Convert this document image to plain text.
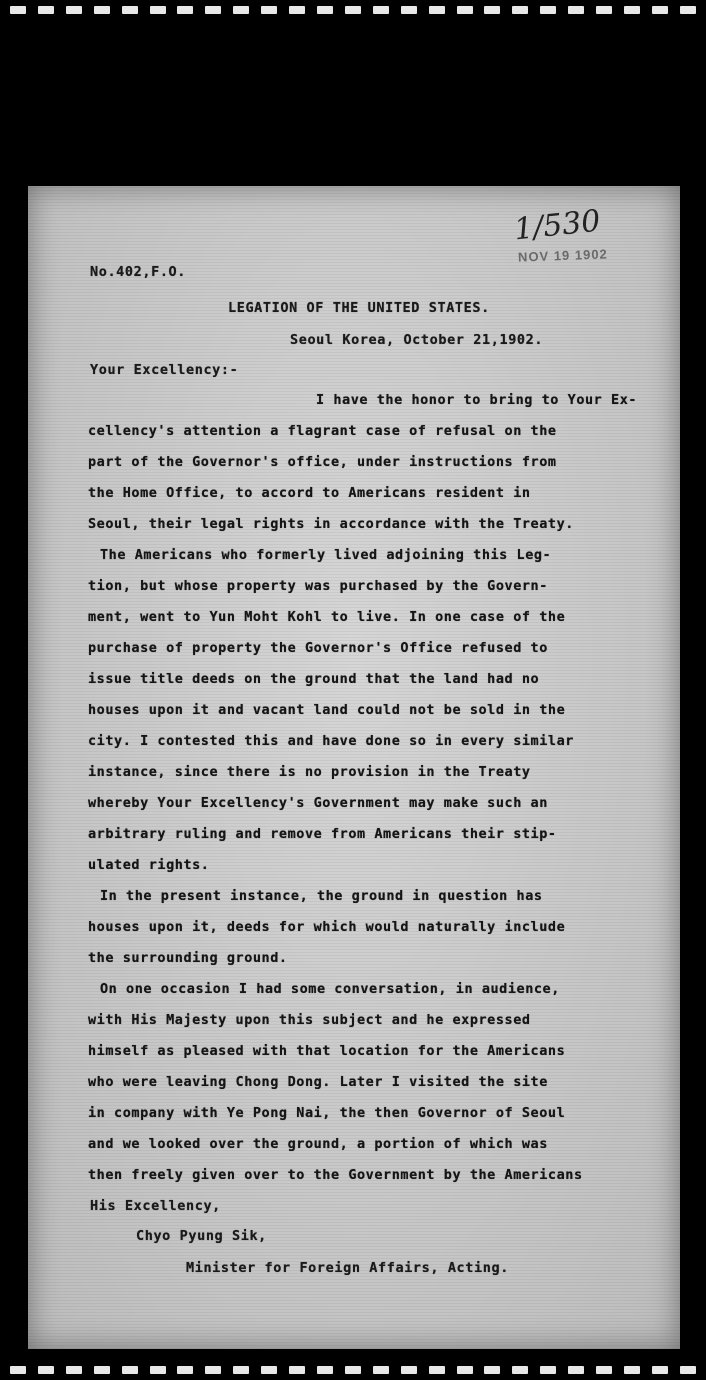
1/530
NOV 19 1902
No.402,F.O.
LEGATION OF THE UNITED STATES.
Seoul Korea, October 21,1902.
Your Excellency:-
I have the honor to bring to Your Ex-
cellency's attention a flagrant case of refusal on the
part of the Governor's office, under instructions from
the Home Office, to accord to Americans resident in
Seoul, their legal rights in accordance with the Treaty.
The Americans who formerly lived adjoining this Leg-
tion, but whose property was purchased by the Govern-
ment, went to Yun Moht Kohl to live. In one case of the
purchase of property the Governor's Office refused to
issue title deeds on the ground that the land had no
houses upon it and vacant land could not be sold in the
city. I contested this and have done so in every similar
instance, since there is no provision in the Treaty
whereby Your Excellency's Government may make such an
arbitrary ruling and remove from Americans their stip-
ulated rights.
In the present instance, the ground in question has
houses upon it, deeds for which would naturally include
the surrounding ground.
On one occasion I had some conversation, in audience,
with His Majesty upon this subject and he expressed
himself as pleased with that location for the Americans
who were leaving Chong Dong. Later I visited the site
in company with Ye Pong Nai, the then Governor of Seoul
and we looked over the ground, a portion of which was
then freely given over to the Government by the Americans
His Excellency,
Chyo Pyung Sik,
Minister for Foreign Affairs, Acting.
